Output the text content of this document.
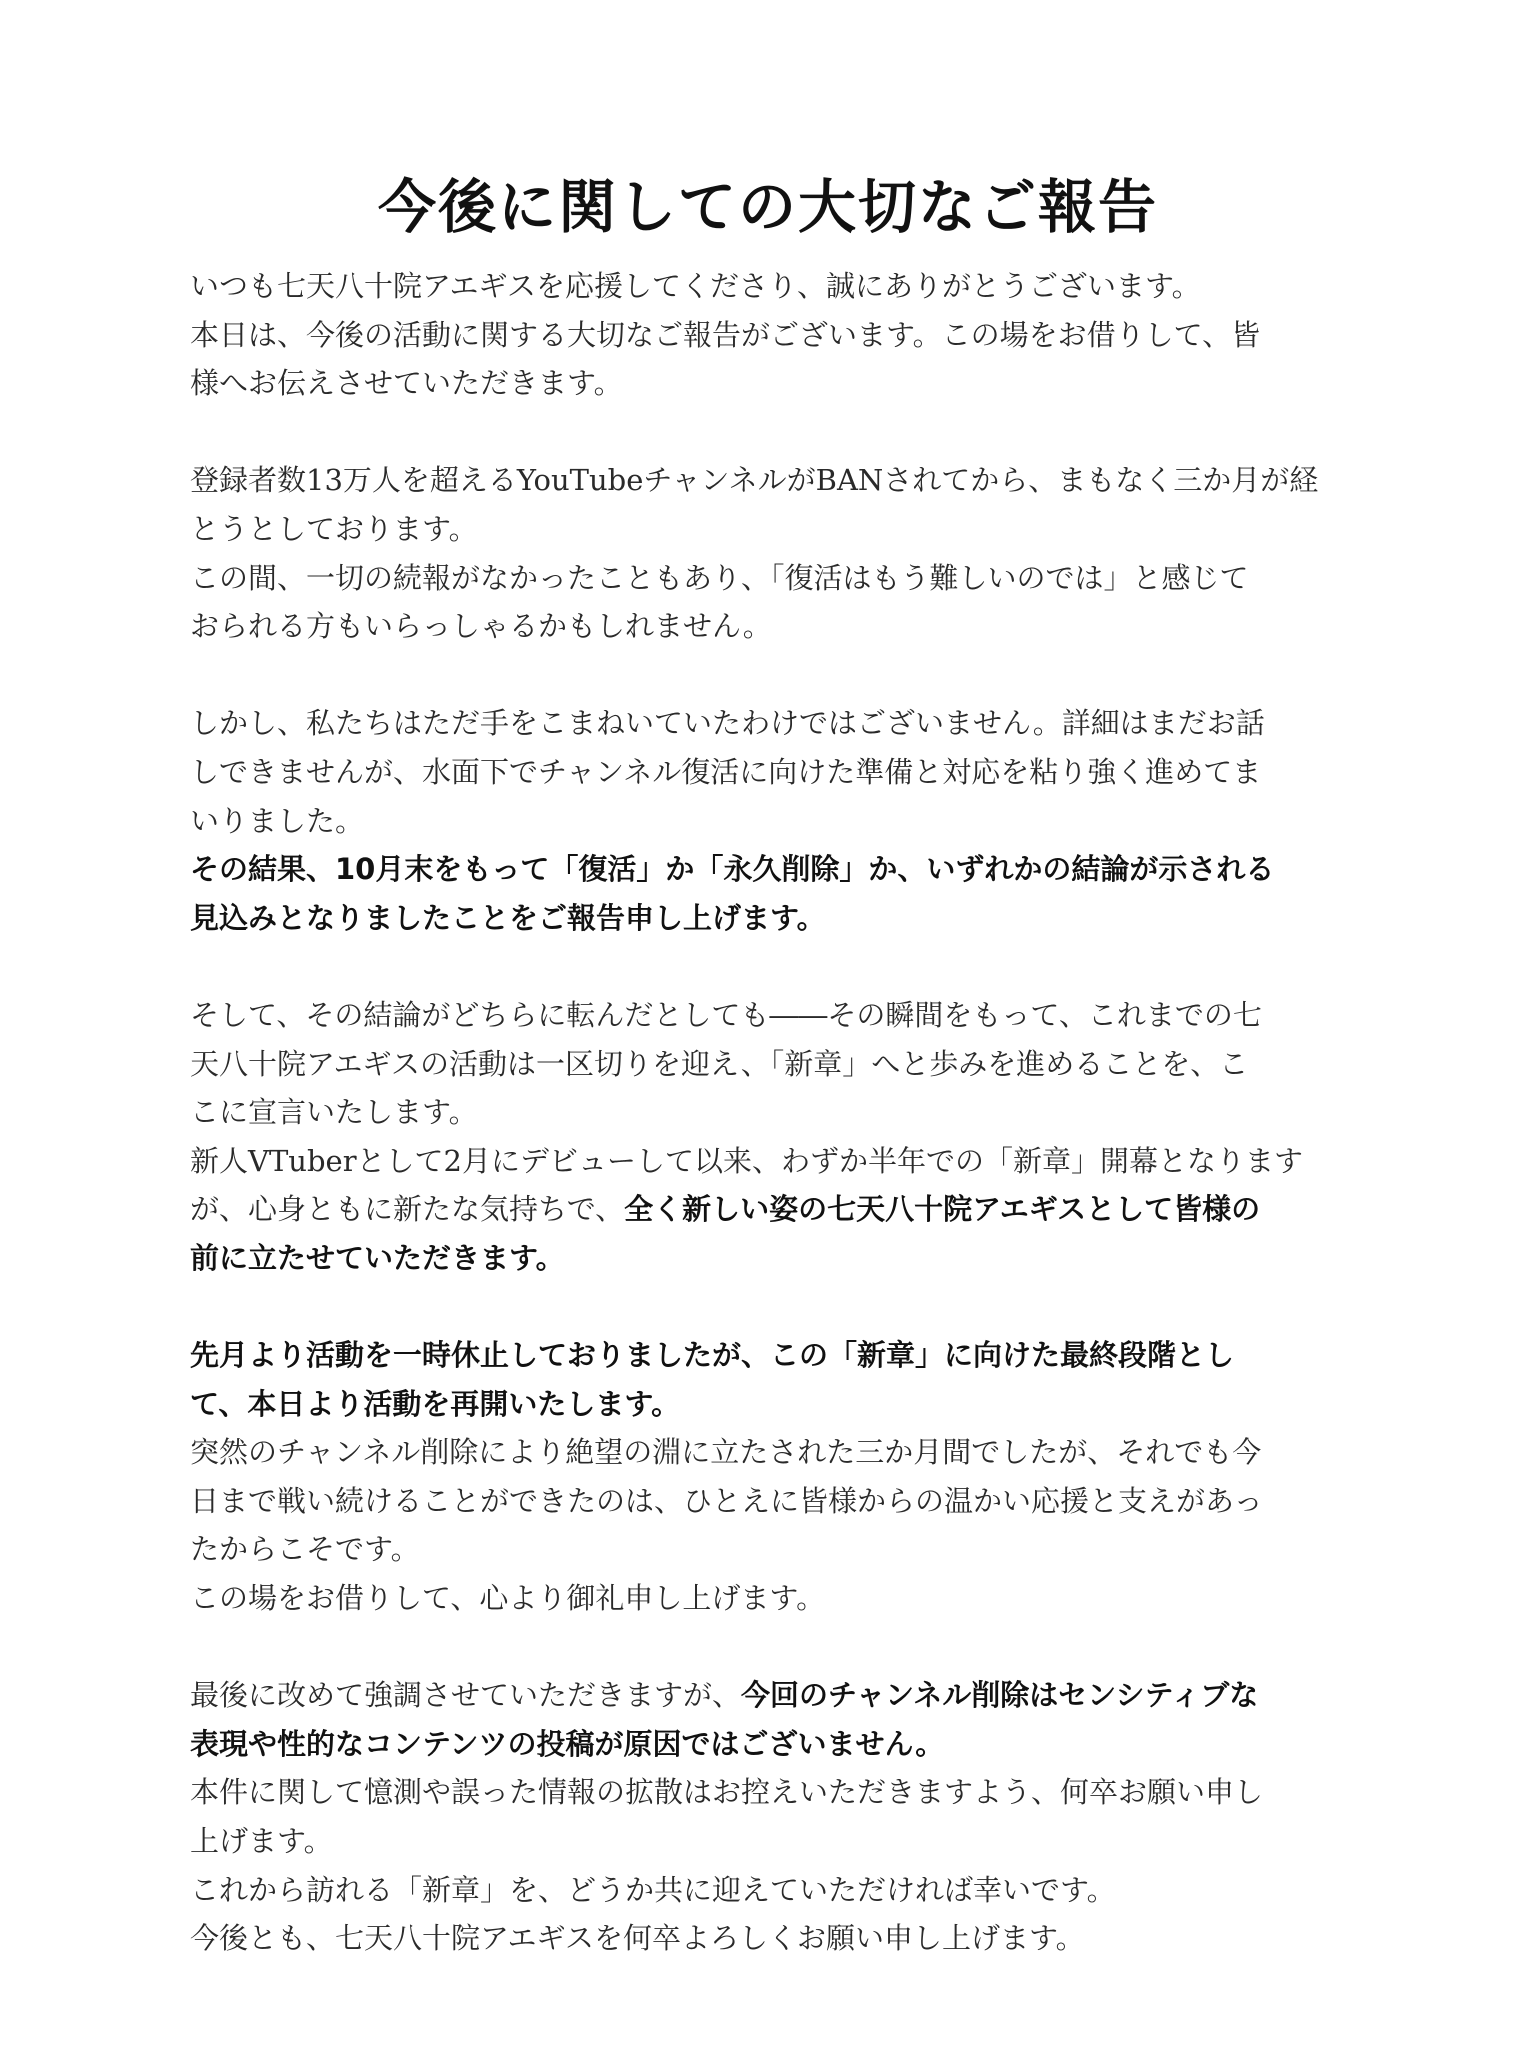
今後に関しての大切なご報告
いつも七天八十院アエギスを応援してくださり、誠にありがとうございます。
本日は、今後の活動に関する大切なご報告がございます。この場をお借りして、皆
様へお伝えさせていただきます。
登録者数13万人を超えるYouTubeチャンネルがBANされてから、まもなく三か月が経
とうとしております。
この間、一切の続報がなかったこともあり、「復活はもう難しいのでは」と感じて
おられる方もいらっしゃるかもしれません。
しかし、私たちはただ手をこまねいていたわけではございません。詳細はまだお話
しできませんが、水面下でチャンネル復活に向けた準備と対応を粘り強く進めてま
いりました。
その結果、10月末をもって「復活」か「永久削除」か、いずれかの結論が示される
見込みとなりましたことをご報告申し上げます。
そして、その結論がどちらに転んだとしても――その瞬間をもって、これまでの七
天八十院アエギスの活動は一区切りを迎え、「新章」へと歩みを進めることを、こ
こに宣言いたします。
新人VTuberとして2月にデビューして以来、わずか半年での「新章」開幕となります
が、心身ともに新たな気持ちで、全く新しい姿の七天八十院アエギスとして皆様の
前に立たせていただきます。
先月より活動を一時休止しておりましたが、この「新章」に向けた最終段階とし
て、本日より活動を再開いたします。
突然のチャンネル削除により絶望の淵に立たされた三か月間でしたが、それでも今
日まで戦い続けることができたのは、ひとえに皆様からの温かい応援と支えがあっ
たからこそです。
この場をお借りして、心より御礼申し上げます。
最後に改めて強調させていただきますが、今回のチャンネル削除はセンシティブな
表現や性的なコンテンツの投稿が原因ではございません。
本件に関して憶測や誤った情報の拡散はお控えいただきますよう、何卒お願い申し
上げます。
これから訪れる「新章」を、どうか共に迎えていただければ幸いです。
今後とも、七天八十院アエギスを何卒よろしくお願い申し上げます。
